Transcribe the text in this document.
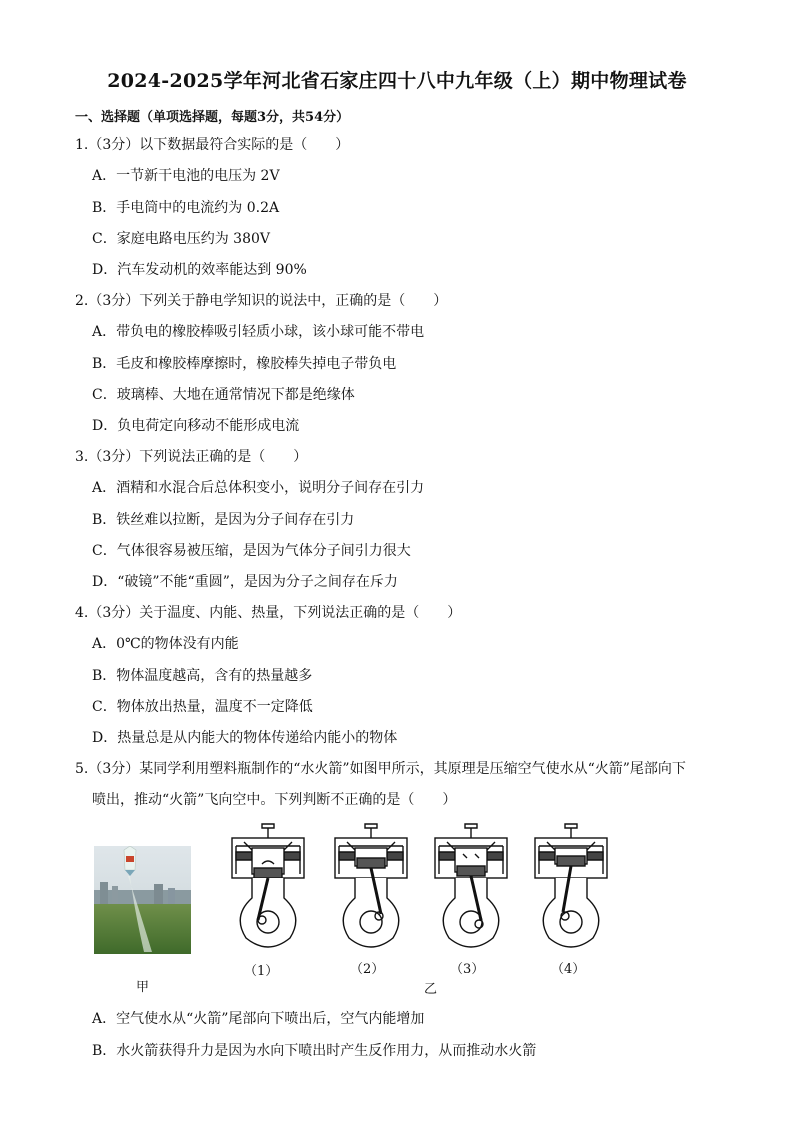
2024-2025学年河北省石家庄四十八中九年级（上）期中物理试卷
一、选择题（单项选择题，每题3分，共54分）
1.（3分）以下数据最符合实际的是（　　）
A．一节新干电池的电压为 2V
B．手电筒中的电流约为 0.2A
C．家庭电路电压约为 380V
D．汽车发动机的效率能达到 90%
2.（3分）下列关于静电学知识的说法中，正确的是（　　）
A．带负电的橡胶棒吸引轻质小球，该小球可能不带电
B．毛皮和橡胶棒摩擦时，橡胶棒失掉电子带负电
C．玻璃棒、大地在通常情况下都是绝缘体
D．负电荷定向移动不能形成电流
3.（3分）下列说法正确的是（　　）
A．酒精和水混合后总体积变小，说明分子间存在引力
B．铁丝难以拉断，是因为分子间存在引力
C．气体很容易被压缩，是因为气体分子间引力很大
D．“破镜”不能“重圆”，是因为分子之间存在斥力
4.（3分）关于温度、内能、热量，下列说法正确的是（　　）
A．0℃的物体没有内能
B．物体温度越高，含有的热量越多
C．物体放出热量，温度不一定降低
D．热量总是从内能大的物体传递给内能小的物体
5.（3分）某同学利用塑料瓶制作的“水火箭”如图甲所示，其原理是压缩空气使水从“火箭”尾部向下
喷出，推动“火箭”飞向空中。下列判断不正确的是（　　）
甲
（1）	（2）	（3）	（4）
乙
A．空气使水从“火箭”尾部向下喷出后，空气内能增加
B．水火箭获得升力是因为水向下喷出时产生反作用力，从而推动水火箭
